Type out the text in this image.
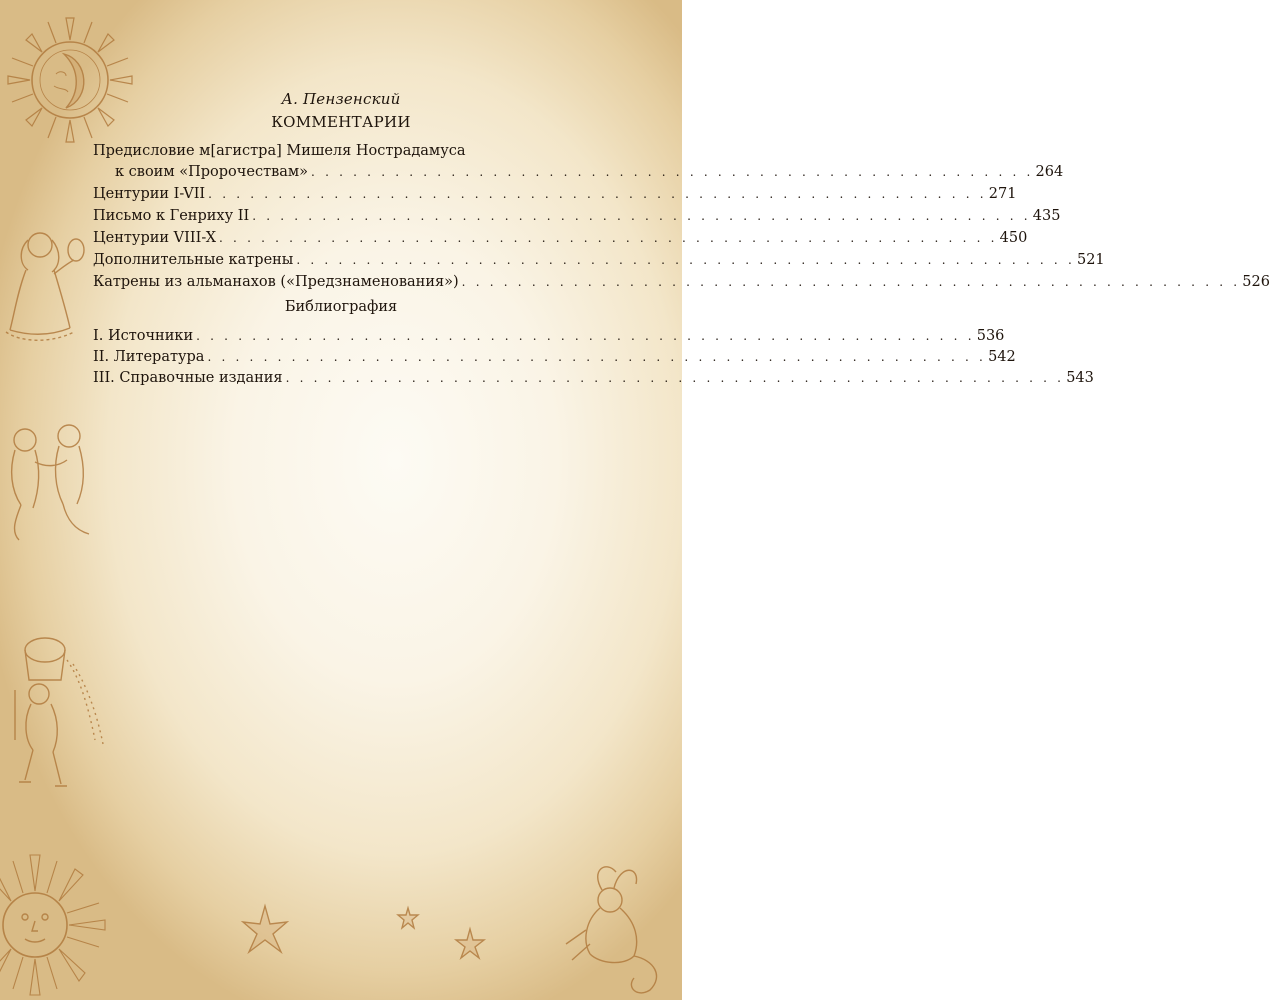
А. Пензенский
КОММЕНТАРИИ
Предисловие м[агистра] Мишеля Нострадамуса
к своим «Пророчествам» . . . . . . . . . . . . . . . . . . . . . . . . . . . . . . . . . . . . . . . . . . . . . . . . . . . . 264
Центурии I-VII . . . . . . . . . . . . . . . . . . . . . . . . . . . . . . . . . . . . . . . . . . . . . . . . . . . . . . . . 271
Письмо к Генриху II . . . . . . . . . . . . . . . . . . . . . . . . . . . . . . . . . . . . . . . . . . . . . . . . . . . . . . . . 435
Центурии VIII-X . . . . . . . . . . . . . . . . . . . . . . . . . . . . . . . . . . . . . . . . . . . . . . . . . . . . . . . . 450
Дополнительные катрены . . . . . . . . . . . . . . . . . . . . . . . . . . . . . . . . . . . . . . . . . . . . . . . . . . . . . . . . 521
Катрены из альманахов («Предзнаменования») . . . . . . . . . . . . . . . . . . . . . . . . . . . . . . . . . . . . . . . . . . . . . . . . . . . . . . . . 526
Библиография
I. Источники . . . . . . . . . . . . . . . . . . . . . . . . . . . . . . . . . . . . . . . . . . . . . . . . . . . . . . . . 536
II. Литература . . . . . . . . . . . . . . . . . . . . . . . . . . . . . . . . . . . . . . . . . . . . . . . . . . . . . . . . 542
III. Справочные издания . . . . . . . . . . . . . . . . . . . . . . . . . . . . . . . . . . . . . . . . . . . . . . . . . . . . . . . . 543
